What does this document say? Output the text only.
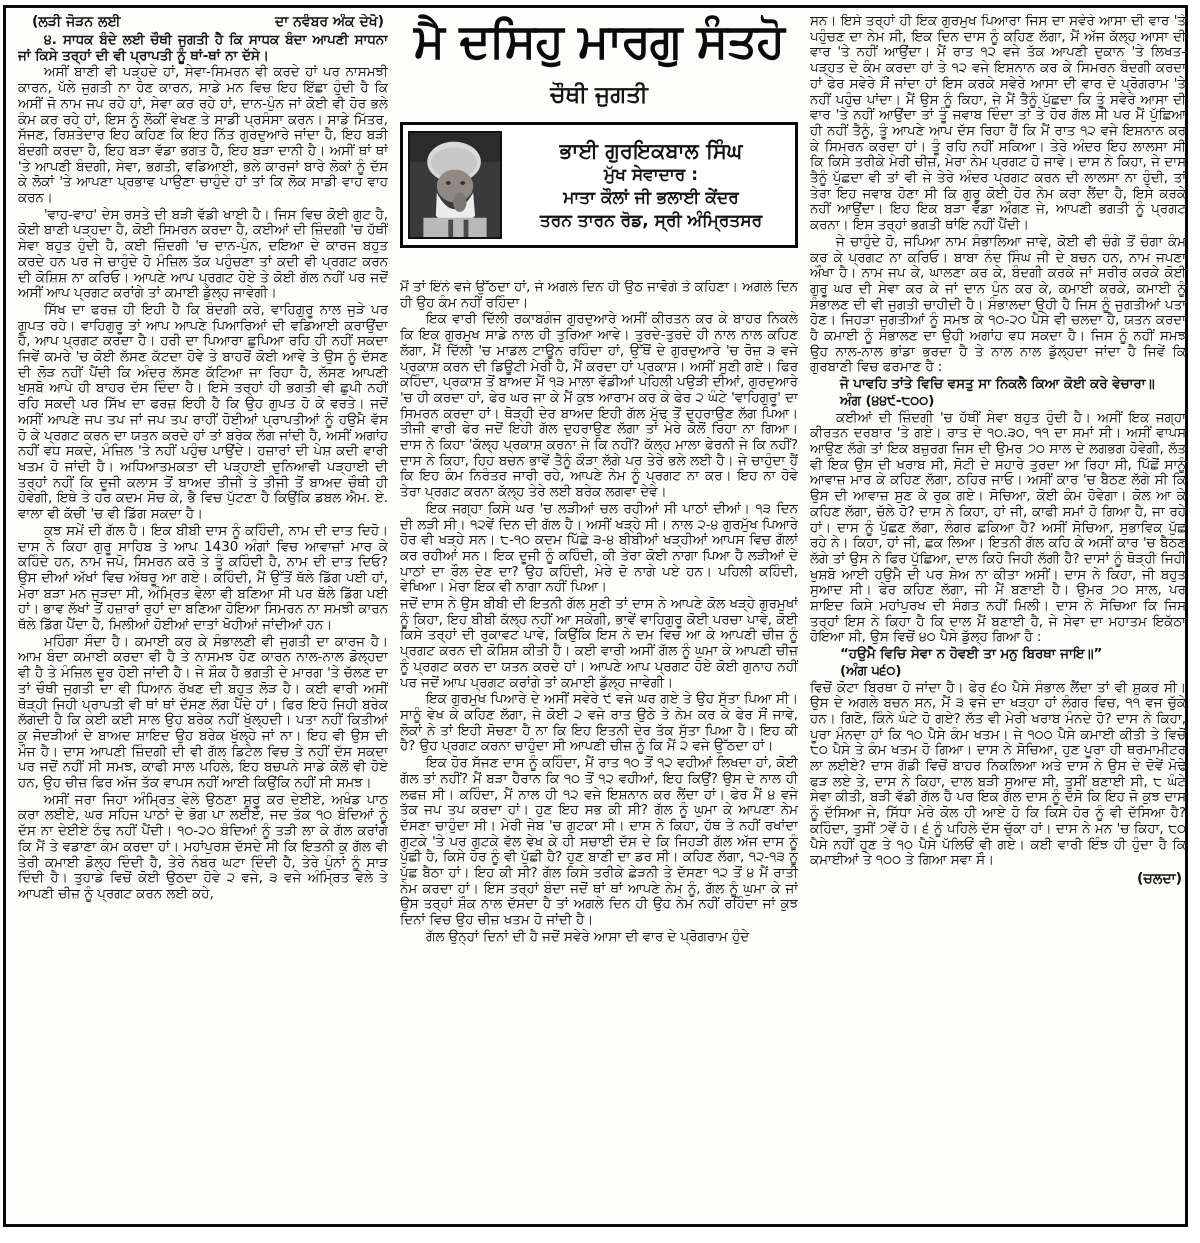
(ਲੜੀ ਜੋੜਨ ਲਈ	ਦਾ ਨਵੰਬਰ ਅੰਕ ਦੇਖੋ)

੪. ਸਾਧਕ ਬੰਦੇ ਲਈ ਚੌਥੀ ਜੁਗਤੀ ਹੈ ਕਿ ਸਾਧਕ ਬੰਦਾ ਆਪਣੀ ਸਾਧਨਾ ਜਾਂ ਕਿਸੇ ਤਰ੍ਹਾਂ ਦੀ ਵੀ ਪ੍ਰਾਪਤੀ ਨੂੰ ਥਾਂ-ਥਾਂ ਨਾ ਦੱਸੇ।

ਅਸੀਂ ਬਾਣੀ ਵੀ ਪੜ੍ਹਦੇ ਹਾਂ, ਸੇਵਾ-ਸਿਮਰਨ ਵੀ ਕਰਦੇ ਹਾਂ ਪਰ ਨਾਸਮਝੀ ਕਾਰਨ, ਪੱਲੇ ਜੁਗਤੀ ਨਾ ਹੋਣ ਕਾਰਨ, ਸਾਡੇ ਮਨ ਵਿਚ ਇਹ ਇੱਛਾ ਹੁੰਦੀ ਹੈ ਕਿ ਅਸੀਂ ਜੋ ਨਾਮ ਜਪ ਰਹੇ ਹਾਂ, ਸੇਵਾ ਕਰ ਰਹੇ ਹਾਂ, ਦਾਨ-ਪੁੰਨ ਜਾਂ ਕੋਈ ਵੀ ਹੋਰ ਭਲੇ ਕੰਮ ਕਰ ਰਹੇ ਹਾਂ, ਇਸ ਨੂੰ ਲੋਕੀਂ ਵੇਖਣ ਤੇ ਸਾਡੀ ਪ੍ਰਸੰਸਾ ਕਰਨ। ਸਾਡੇ ਮਿੱਤਰ, ਸੱਜਣ, ਰਿਸ਼ਤੇਦਾਰ ਇਹ ਕਹਿਣ ਕਿ ਇਹ ਨਿੱਤ ਗੁਰਦੁਆਰੇ ਜਾਂਦਾ ਹੈ, ਇਹ ਬੜੀ ਬੰਦਗੀ ਕਰਦਾ ਹੈ, ਇਹ ਬੜਾ ਵੱਡਾ ਭਗਤ ਹੈ, ਇਹ ਬੜਾ ਦਾਨੀ ਹੈ। ਅਸੀਂ ਥਾਂ ਥਾਂ 'ਤੇ ਆਪਣੀ ਬੰਦਗੀ, ਸੇਵਾ, ਭਗਤੀ, ਵਡਿਆਈ, ਭਲੇ ਕਾਰਜਾਂ ਬਾਰੇ ਲੋਕਾਂ ਨੂੰ ਦੱਸ ਕੇ ਲੋਕਾਂ 'ਤੇ ਆਪਣਾ ਪ੍ਰਭਾਵ ਪਾਉਣਾ ਚਾਹੁੰਦੇ ਹਾਂ ਤਾਂ ਕਿ ਲੋਕ ਸਾਡੀ ਵਾਹ ਵਾਹ ਕਰਨ।

'ਵਾਹ-ਵਾਹ' ਦੇਸ ਰਸਤੇ ਦੀ ਬੜੀ ਵੱਡੀ ਖਾਈ ਹੈ। ਜਿਸ ਵਿਚ ਕੋਈ ਗੁਟ ਹੈ, ਕੋਈ ਬਾਣੀ ਪੜ੍ਹਦਾ ਹੈ, ਕੋਈ ਸਿਮਰਨ ਕਰਦਾ ਹੈ, ਕਈਆਂ ਦੀ ਜ਼ਿੰਦਗੀ 'ਚ ਹੱਥੀਂ ਸੇਵਾ ਬਹੁਤ ਹੁੰਦੀ ਹੈ, ਕਈ ਜ਼ਿੰਦਗੀ 'ਚ ਦਾਨ-ਪੁੰਨ, ਦਇਆ ਦੇ ਕਾਰਜ ਬਹੁਤ ਕਰਦੇ ਹਨ ਪਰ ਜੇ ਚਾਹੁੰਦੇ ਹੋ ਮੰਜ਼ਿਲ ਤੱਕ ਪਹੁੰਚਣਾ ਤਾਂ ਕਦੀ ਵੀ ਪ੍ਰਗਟ ਕਰਨ ਦੀ ਕੋਸ਼ਿਸ਼ ਨਾ ਕਰਿਓ। ਆਪਣੇ ਆਪ ਪ੍ਰਗਟ ਹੋਏ ਤੇ ਕੋਈ ਗੱਲ ਨਹੀਂ ਪਰ ਜਦੋਂ ਅਸੀਂ ਆਪ ਪ੍ਰਗਟ ਕਰਾਂਗੇ ਤਾਂ ਕਮਾਈ ਡੁੱਲ੍ਹ ਜਾਵੇਗੀ।

ਸਿੱਖ ਦਾ ਫਰਜ਼ ਹੀ ਇਹੀ ਹੈ ਕਿ ਬੰਦਗੀ ਕਰੇ, ਵਾਹਿਗੁਰੂ ਨਾਲ ਜੁੜੇ ਪਰ ਗੁਪਤ ਰਹੇ। ਵਾਹਿਗੁਰੂ ਤਾਂ ਆਪ ਆਪਣੇ ਪਿਆਰਿਆਂ ਦੀ ਵਡਿਆਈ ਕਰਾਉਂਦਾ ਹੈ, ਆਪ ਪ੍ਰਗਟ ਕਰਦਾ ਹੈ। ਹਰੀ ਦਾ ਪਿਆਰਾ ਛੁਪਿਆ ਰਹਿ ਹੀ ਨਹੀਂ ਸਕਦਾ ਜਿਵੇਂ ਕਮਰੇ 'ਚ ਕੋਈ ਲੱਸਣ ਕੱਟਦਾ ਹੋਵੇ ਤੇ ਬਾਹਰੋਂ ਕੋਈ ਆਵੇ ਤੇ ਉਸ ਨੂੰ ਦੱਸਣ ਦੀ ਲੋੜ ਨਹੀਂ ਪੈਂਦੀ ਕਿ ਅੰਦਰ ਲੱਸਣ ਕੱਟਿਆ ਜਾ ਰਿਹਾ ਹੈ, ਲੱਸਣ ਆਪਣੀ ਖੁਸ਼ਬੋ ਆਪੇ ਹੀ ਬਾਹਰ ਦੱਸ ਦਿੰਦਾ ਹੈ। ਇਸੇ ਤਰ੍ਹਾਂ ਹੀ ਭਗਤੀ ਵੀ ਛੁਪੀ ਨਹੀਂ ਰਹਿ ਸਕਦੀ ਪਰ ਸਿੱਖ ਦਾ ਫਰਜ਼ ਇਹੀ ਹੈ ਕਿ ਉਹ ਗੁਪਤ ਹੋ ਕੇ ਵਰਤੇ। ਜਦੋਂ ਅਸੀਂ ਆਪਣੇ ਜਪ ਤਪ ਜਾਂ ਜਪ ਤਪ ਰਾਹੀਂ ਹੋਈਆਂ ਪ੍ਰਾਪਤੀਆਂ ਨੂੰ ਹਉਮੈ ਵੱਸ ਹੋ ਕੇ ਪ੍ਰਗਟ ਕਰਨ ਦਾ ਯਤਨ ਕਰਦੇ ਹਾਂ ਤਾਂ ਬਰੇਕ ਲੱਗ ਜਾਂਦੀ ਹੈ, ਅਸੀਂ ਅਗਾਂਹ ਨਹੀਂ ਵਧ ਸਕਦੇ, ਮੰਜ਼ਿਲ 'ਤੇ ਨਹੀਂ ਪਹੁੰਚ ਪਾਉਂਦੇ। ਹਜ਼ਾਰਾਂ ਦੀ ਪੇਸ਼ ਕਦੀ ਵਾਰੀ ਖਤਮ ਹੋ ਜਾਂਦੀ ਹੈ। ਅਧਿਆਤਮਕਤਾ ਦੀ ਪੜ੍ਹਾਈ ਦੁਨਿਆਵੀ ਪੜ੍ਹਾਈ ਦੀ ਤਰ੍ਹਾਂ ਨਹੀਂ ਕਿ ਦੂਜੀ ਕਲਾਸ ਤੋਂ ਬਾਅਦ ਤੀਜੀ ਤੇ ਤੀਜੀ ਤੋਂ ਬਾਅਦ ਚੌਥੀ ਹੀ ਹੋਵੇਗੀ, ਇਥੇ ਤੇ ਹਰ ਕਦਮ ਸੋਚ ਕੇ, ਭੈ ਵਿਚ ਪੁੱਟਣਾ ਹੈ ਕਿਉਂਕਿ ਡਬਲ ਐਮ. ਏ. ਵਾਲਾ ਵੀ ਕੱਚੀ 'ਚ ਵੀ ਡਿੱਗ ਸਕਦਾ ਹੈ।

ਕੁਝ ਸਮੇਂ ਦੀ ਗੱਲ ਹੈ। ਇਕ ਬੀਬੀ ਦਾਸ ਨੂੰ ਕਹਿੰਦੀ, ਨਾਮ ਦੀ ਦਾਤ ਦਿਹੋ। ਦਾਸ ਨੇ ਕਿਹਾ ਗੁਰੂ ਸਾਹਿਬ ਤੇ ਆਪ 1430 ਅੰਗਾਂ ਵਿਚ ਆਵਾਜ਼ਾਂ ਮਾਰ ਕੇ ਕਹਿੰਦੇ ਹਨ, ਨਾਮ ਜਪੋ, ਸਿਮਰਨ ਕਰੋ ਤੇ ਤੂੰ ਕਹਿੰਦੀ ਹੈ, ਨਾਮ ਦੀ ਦਾਤ ਦਿਓ? ਉਸ ਦੀਆਂ ਅੱਖਾਂ ਵਿਚ ਅੱਥਰੂ ਆ ਗਏ। ਕਹਿੰਦੀ, ਮੈਂ ਉੱਤੋਂ ਥੱਲੇ ਡਿੱਗ ਪਈ ਹਾਂ, ਮੇਰਾ ਬੜਾ ਮਨ ਜੁੜਦਾ ਸੀ, ਅੰਮ੍ਰਿਤ ਵੇਲਾ ਵੀ ਬਣਿਆ ਸੀ ਪਰ ਥੱਲੇ ਡਿੱਗ ਪਈ ਹਾਂ। ਭਾਵ ਲੱਖਾਂ ਤੋਂ ਹਜ਼ਾਰਾਂ ਰੁਹਾਂ ਦਾ ਬਣਿਆ ਹੋਇਆ ਸਿਮਰਨ ਨਾ ਸਮਝੀ ਕਾਰਨ ਥੱਲੇ ਡਿੱਗ ਪੈਂਦਾ ਹੈ, ਮਿਲੀਆਂ ਹੋਈਆਂ ਦਾਤਾਂ ਖੋਹੀਆਂ ਜਾਂਦੀਆਂ ਹਨ।

ਮਹਿੰਗਾ ਸੌਦਾ ਹੈ। ਕਮਾਈ ਕਰ ਕੇ ਸੰਭਾਲਣੀ ਵੀ ਜੁਗਤੀ ਦਾ ਕਾਰਜ ਹੈ। ਆਮ ਬੰਦਾ ਕਮਾਈ ਕਰਦਾ ਵੀ ਹੈ ਤੇ ਨਾਸਮਝ ਹੋਣ ਕਾਰਨ ਨਾਲ-ਨਾਲ ਡੋਲ੍ਹਦਾ ਵੀ ਹੈ ਤੇ ਮੰਜ਼ਿਲ ਦੂਰ ਹੋਈ ਜਾਂਦੀ ਹੈ। ਜੇ ਸ਼ੌਕ ਹੈ ਭਗਤੀ ਦੇ ਮਾਰਗ 'ਤੇ ਚੱਲਣ ਦਾ ਤਾਂ ਚੌਥੀ ਜੁਗਤੀ ਦਾ ਵੀ ਧਿਆਨ ਰੱਖਣ ਦੀ ਬਹੁਤ ਲੋੜ ਹੈ। ਕਈ ਵਾਰੀ ਅਸੀਂ ਥੋੜ੍ਹੀ ਜਿਹੀ ਪ੍ਰਾਪਤੀ ਵੀ ਥਾਂ ਥਾਂ ਦੱਸਣ ਲੱਗ ਪੈਂਦੇ ਹਾਂ। ਫਿਰ ਇਹੋ ਜਿਹੀ ਬਰੇਕ ਲੱਗਦੀ ਹੈ ਕਿ ਕਈ ਕਈ ਸਾਲ ਉਹ ਬਰੇਕ ਨਹੀਂ ਖੁੱਲ੍ਹਦੀ। ਪਤਾ ਨਹੀਂ ਕਿਤੀਆਂ ਕੁ ਜੋਦੜੀਆਂ ਦੇ ਬਾਅਦ ਸ਼ਾਇਦ ਉਹ ਬਰੇਕ ਖੁੱਲ੍ਹੇ ਜਾਂ ਨਾ। ਇਹ ਵੀ ਉਸ ਦੀ ਮੌਜ ਹੈ। ਦਾਸ ਆਪਣੀ ਜ਼ਿੰਦਗੀ ਦੀ ਵੀ ਗੱਲ ਡਿਟੇਲ ਵਿਚ ਤੇ ਨਹੀਂ ਦੱਸ ਸਕਦਾ ਪਰ ਜਦੋਂ ਨਹੀਂ ਸੀ ਸਮਝ, ਕਾਫੀ ਸਾਲ ਪਹਿਲੇ, ਇਹ ਬਚਪਨੇ ਸਾਡੇ ਕੋਲੋਂ ਵੀ ਹੋਏ ਹਨ, ਉਹ ਚੀਜ਼ ਫਿਰ ਅੱਜ ਤੱਕ ਵਾਪਸ ਨਹੀਂ ਆਈ ਕਿਉਂਕਿ ਨਹੀਂ ਸੀ ਸਮਝ।

ਅਸੀਂ ਜਰਾ ਜਿਹਾ ਅੰਮ੍ਰਿਤ ਵੇਲੇ ਉਠਣਾ ਸ਼ੁਰੂ ਕਰ ਦੇਈਏ, ਅਖੰਡ ਪਾਠ ਕਰਾ ਲਈਏ, ਘਰ ਸਹਿਜ ਪਾਠਾਂ ਦੇ ਭੋਗ ਪਾ ਲਈਏ, ਜਦ ਤੱਕ ੧੦ ਬੰਦਿਆਂ ਨੂੰ ਦੱਸ ਨਾ ਦੇਈਏ ਠੰਢ ਨਹੀਂ ਪੈਂਦੀ। ੧੦-੨੦ ਬੰਦਿਆਂ ਨੂੰ ਤੜੀ ਲਾ ਕੇ ਗੱਲ ਕਰਾਂਗੇ ਕਿ ਮੈਂ ਤੇ ਵਡਾਣਾ ਕੰਮ ਕਰਦਾ ਹਾਂ। ਮਹਾਂਪੁਰਸ਼ ਦੱਸਦੇ ਸੀ ਕਿ ਇਤਨੀ ਕੁ ਗੱਲ ਵੀ ਤੇਰੀ ਕਮਾਈ ਡੋਲ੍ਹ ਦਿੰਦੀ ਹੈ, ਤੇਰੇ ਨੰਬਰ ਘਟਾ ਦਿੰਦੀ ਹੈ, ਤੇਰੇ ਪੁੰਨਾਂ ਨੂੰ ਸਾੜ ਦਿੰਦੀ ਹੈ। ਤੁਹਾਡੇ ਵਿਚੋਂ ਕੋਈ ਉਠਦਾ ਹੋਵੇ ੨ ਵਜੇ, ੩ ਵਜੇ ਅੰਮ੍ਰਿਤ ਵੇਲੇ ਤੇ ਆਪਣੀ ਚੀਜ਼ ਨੂੰ ਪ੍ਰਗਟ ਕਰਨ ਲਈ ਕਹੇ,

ਮੈ ਦਸਿਹੁ ਮਾਰਗੁ ਸੰਤਹੋ
ਚੌਥੀ ਜੁਗਤੀ
ਭਾਈ ਗੁਰਇਕਬਾਲ ਸਿੰਘ
ਮੁੱਖ ਸੇਵਾਦਾਰ :
ਮਾਤਾ ਕੌਲਾਂ ਜੀ ਭਲਾਈ ਕੇਂਦਰ
ਤਰਨ ਤਾਰਨ ਰੋਡ, ਸ੍ਰੀ ਅੰਮ੍ਰਿਤਸਰ

ਮੈਂ ਤਾਂ ਇੰਨੇ ਵਜੇ ਉੱਠਦਾ ਹਾਂ, ਜੇ ਅਗਲੇ ਦਿਨ ਹੀ ਉਠ ਜਾਵੋਗੇ ਤੇ ਕਹਿਣਾ। ਅਗਲੇ ਦਿਨ ਹੀ ਉਹ ਕੰਮ ਨਹੀਂ ਰਹਿੰਦਾ।

ਇਕ ਵਾਰੀ ਦਿੱਲੀ ਰਕਾਬਗੰਜ ਗੁਰਦੁਆਰੇ ਅਸੀਂ ਕੀਰਤਨ ਕਰ ਕੇ ਬਾਹਰ ਨਿਕਲੇ ਕਿ ਇਕ ਗੁਰਮੁਖ ਸਾਡੇ ਨਾਲ ਹੀ ਤੁਰਿਆ ਆਵੇ। ਤੁਰਦੇ-ਤੁਰਦੇ ਹੀ ਨਾਲ ਨਾਲ ਕਹਿਣ ਲੱਗਾ, ਮੈਂ ਦਿੱਲੀ 'ਚ ਮਾਡਲ ਟਾਊਨ ਰਹਿੰਦਾ ਹਾਂ, ਉੱਥੋਂ ਦੇ ਗੁਰਦੁਆਰੇ 'ਚ ਰੋਜ਼ ੩ ਵਜੇ ਪ੍ਰਕਾਸ਼ ਕਰਨ ਦੀ ਡਿਊਟੀ ਮੇਰੀ ਹੈ, ਮੈਂ ਕਰਦਾ ਹਾਂ ਪ੍ਰਕਾਸ਼। ਅਸੀਂ ਸੁਣੀ ਗਏ। ਫਿਰ ਕਹਿੰਦਾ, ਪ੍ਰਕਾਸ਼ ਤੋਂ ਬਾਅਦ ਮੈਂ ੧੩ ਮਾਲਾ ਵੱਡੀਆਂ ਪਹਿਲੀ ਪਉੜੀ ਦੀਆਂ, ਗੁਰਦੁਆਰੇ 'ਚ ਹੀ ਕਰਦਾ ਹਾਂ, ਫੇਰ ਘਰ ਜਾ ਕੇ ਮੈਂ ਕੁਝ ਆਰਾਮ ਕਰ ਕੇ ਫੇਰ ੨ ਘੰਟੇ 'ਵਾਹਿਗੁਰੂ' ਦਾ ਸਿਮਰਨ ਕਰਦਾ ਹਾਂ। ਥੋੜ੍ਹੀ ਦੇਰ ਬਾਅਦ ਇਹੀ ਗੱਲ ਮੁੱਢ ਤੋਂ ਦੁਹਰਾਉਣ ਲੱਗ ਪਿਆ। ਤੀਜੀ ਵਾਰੀ ਫੇਰ ਜਦੋਂ ਇਹੀ ਗੱਲ ਦੁਹਰਾਉਣ ਲੱਗਾ ਤਾਂ ਮੇਰੇ ਕੋਲੋਂ ਰਿਹਾ ਨਾ ਗਿਆ। ਦਾਸ ਨੇ ਕਿਹਾ 'ਕੱਲ੍ਹ ਪ੍ਰਕਾਸ਼ ਕਰਨਾ ਜੇ ਕਿ ਨਹੀਂ? ਕੱਲ੍ਹ ਮਾਲਾ ਫੇਰਨੀ ਜੇ ਕਿ ਨਹੀਂ? ਦਾਸ ਨੇ ਕਿਹਾ, ਹਿਹ ਬਚਨ ਭਾਵੇਂ ਤੈਨੂੰ ਕੌੜਾ ਲੱਗੇ ਪਰ ਤੇਰੇ ਭਲੇ ਲਈ ਹੈ। ਜੇ ਚਾਹੁੰਦਾ ਹੈਂ ਕਿ ਇਹ ਕੰਮ ਨਿਰੰਤਰ ਜਾਰੀ ਰਹੇ, ਆਪਣੇ ਨੇਮ ਨੂੰ ਪ੍ਰਗਟ ਨਾ ਕਰ। ਇਹ ਨਾ ਹੋਵੇ ਤੇਰਾ ਪ੍ਰਗਟ ਕਰਨਾ ਕੱਲ੍ਹ ਤੇਰੇ ਲਈ ਬਰੇਕ ਲਗਵਾ ਦੇਵੇ।

ਇਕ ਜਗ੍ਹਾ ਕਿਸੇ ਘਰ 'ਚ ਲੜੀਆਂ ਚਲ ਰਹੀਆਂ ਸੀ ਪਾਠਾਂ ਦੀਆਂ। ੧੩ ਦਿਨ ਦੀ ਲੜੀ ਸੀ। ੧੨ਵੇਂ ਦਿਨ ਦੀ ਗੱਲ ਹੈ। ਅਸੀਂ ਖੜ੍ਹੇ ਸੀ। ਨਾਲ ੨-੪ ਗੁਰਮੁੱਖ ਪਿਆਰੇ ਹੋਰ ਵੀ ਖੜ੍ਹੇ ਸਨ। ੮-੧੦ ਕਦਮ ਪਿੱਛੇ ੩-੪ ਬੀਬੀਆਂ ਖੜ੍ਹੀਆਂ ਆਪਸ ਵਿਚ ਗੱਲਾਂ ਕਰ ਰਹੀਆਂ ਸਨ। ਇਕ ਦੂਜੀ ਨੂੰ ਕਹਿੰਦੀ, ਕੀ ਤੇਰਾ ਕੋਈ ਨਾਗਾ ਪਿਆ ਹੈ ਲੜੀਆਂ ਦੇ ਪਾਠਾਂ ਦਾ ਰੌਲ ਦੇਣ ਦਾ? ਉਹ ਕਹਿੰਦੀ, ਮੇਰੇ ਦੋ ਨਾਗੇ ਪਏ ਹਨ। ਪਹਿਲੀ ਕਹਿੰਦੀ, ਵੇਖਿਆ। ਮੇਰਾ ਇਕ ਵੀ ਨਾਗਾ ਨਹੀਂ ਪਿਆ।

ਜਦੋਂ ਦਾਸ ਨੇ ਉਸ ਬੀਬੀ ਦੀ ਇਤਨੀ ਗੱਲ ਸੁਣੀ ਤਾਂ ਦਾਸ ਨੇ ਆਪਣੇ ਕੋਲ ਖੜ੍ਹੇ ਗੁਰਮੁਖਾਂ ਨੂੰ ਕਿਹਾ, ਇਹ ਬੀਬੀ ਕੱਲ੍ਹ ਨਹੀਂ ਆ ਸਕੇਗੀ, ਭਾਵੇਂ ਵਾਹਿਗੁਰੂ ਕੋਈ ਪਰਚਾ ਪਾਵੇ, ਕੋਈ ਕਿਸੇ ਤਰ੍ਹਾਂ ਦੀ ਰੁਕਾਵਟ ਪਾਵੇ, ਕਿਉਂਕਿ ਇਸ ਨੇ ਦਮ ਵਿਚ ਆ ਕੇ ਆਪਣੀ ਚੀਜ਼ ਨੂੰ ਪ੍ਰਗਟ ਕਰਨ ਦੀ ਕੋਸ਼ਿਸ਼ ਕੀਤੀ ਹੈ। ਕਈ ਵਾਰੀ ਅਸੀਂ ਗੱਲ ਨੂੰ ਘੁਮਾ ਕੇ ਆਪਣੀ ਚੀਜ਼ ਨੂੰ ਪ੍ਰਗਟ ਕਰਨ ਦਾ ਯਤਨ ਕਰਦੇ ਹਾਂ। ਆਪਣੇ ਆਪ ਪ੍ਰਗਟ ਹੋਏ ਕੋਈ ਗੁਨਾਹ ਨਹੀਂ ਪਰ ਜਦੋਂ ਆਪ ਪ੍ਰਗਟ ਕਰਾਂਗੇ ਤਾਂ ਕਮਾਈ ਡੁੱਲ੍ਹ ਜਾਵੇਗੀ।

ਇਕ ਗੁਰਮੁਖ ਪਿਆਰੇ ਦੇ ਅਸੀਂ ਸਵੇਰੇ ੯ ਵਜੇ ਘਰ ਗਏ ਤੇ ਉਹ ਸੁੱਤਾ ਪਿਆ ਸੀ। ਸਾਨੂੰ ਵੇਖ ਕੇ ਕਹਿਣ ਲੱਗਾ, ਜੇ ਕੋਈ ੨ ਵਜੇ ਰਾਤ ਉਠੇ ਤੇ ਨੇਮ ਕਰ ਕੇ ਫੇਰ ਸੌਂ ਜਾਵੇ, ਲੋਕਾਂ ਨੇ ਤਾਂ ਇਹੀ ਸੋਚਣਾ ਹੈ ਨਾ ਕਿ ਇਹ ਇਤਨੀ ਦੇਰ ਤੱਕ ਸੁੱਤਾ ਪਿਆ ਹੈ। ਇਹ ਕੀ ਹੈ? ਉਹ ਪ੍ਰਗਟ ਕਰਨਾ ਚਾਹੁੰਦਾ ਸੀ ਆਪਣੀ ਚੀਜ਼ ਨੂੰ ਕਿ ਮੈਂ ੨ ਵਜੇ ਉੱਠਦਾ ਹਾਂ।

ਇਕ ਹੋਰ ਸੱਜਣ ਦਾਸ ਨੂੰ ਕਹਿੰਦਾ, ਮੈਂ ਰਾਤ ੧੦ ਤੋਂ ੧੨ ਵਹੀਆਂ ਲਿਖਦਾ ਹਾਂ, ਕੋਈ ਗੱਲ ਤਾਂ ਨਹੀਂ? ਮੈਂ ਬੜਾ ਹੈਰਾਨ ਕਿ ੧੦ ਤੋਂ ੧੨ ਵਹੀਆਂ, ਇਹ ਕਿਉਂ? ਉਸ ਦੇ ਨਾਲ ਹੀ ਲਫਜ਼ ਸੀ। ਕਹਿੰਦਾ, ਮੈਂ ਨਾਲ ਹੀ ੧੨ ਵਜੇ ਇਸ਼ਨਾਨ ਕਰ ਲੈਂਦਾ ਹਾਂ। ਫੇਰ ਮੈਂ ੪ ਵਜੇ ਤੱਕ ਜਪ ਤਪ ਕਰਦਾ ਹਾਂ। ਹੁਣ ਇਹ ਸਭ ਕੀ ਸੀ? ਗੱਲ ਨੂੰ ਘੁਮਾ ਕੇ ਆਪਣਾ ਨੇਮ ਦੱਸਣਾ ਚਾਹੁੰਦਾ ਸੀ। ਮੇਰੀ ਜੇਬ 'ਚ ਗੁਟਕਾ ਸੀ। ਦਾਸ ਨੇ ਕਿਹਾ, ਹੱਥ ਤੇ ਨਹੀਂ ਰਖਾਂਦਾ ਗੁਟਕੇ 'ਤੇ ਪਰ ਗੁਟਕੇ ਵੱਲ ਵੇਖ ਕੇ ਹੀ ਸਚਾਈ ਦੱਸ ਦੇ ਕਿ ਜਿਹੜੀ ਗੱਲ ਅੱਜ ਦਾਸ ਨੂੰ ਪੁੱਛੀ ਹੈ, ਕਿਸੇ ਹੋਰ ਨੂੰ ਵੀ ਪੁੱਛੀ ਹੈ? ਹੁਣ ਬਾਣੀ ਦਾ ਡਰ ਸੀ। ਕਹਿਣ ਲੱਗਾ, ੧੨-੧੩ ਨੂੰ ਪੁੱਛ ਬੈਠਾ ਹਾਂ। ਇਹ ਕੀ ਸੀ? ਗੱਲ ਕਿਸੇ ਤਰੀਕੇ ਛੇੜਨੀ ਤੇ ਦੱਸਣਾ ੧੨ ਤੋਂ ੪ ਮੈਂ ਰਾਤੀ ਨੇਮ ਕਰਦਾ ਹਾਂ। ਇਸ ਤਰ੍ਹਾਂ ਬੰਦਾ ਜਦੋਂ ਥਾਂ ਥਾਂ ਆਪਣੇ ਨੇਮ ਨੂੰ, ਗੱਲ ਨੂੰ ਘੁਮਾ ਕੇ ਜਾਂ ਉਸ ਤਰ੍ਹਾਂ ਸ਼ੌਕ ਨਾਲ ਦੱਸਦਾ ਹੈ ਤਾਂ ਅਗਲੇ ਦਿਨ ਹੀ ਉਹ ਨੇਮ ਨਹੀਂ ਰਹਿੰਦਾ ਜਾਂ ਕੁਝ ਦਿਨਾਂ ਵਿਚ ਉਹ ਚੀਜ਼ ਖਤਮ ਹੋ ਜਾਂਦੀ ਹੈ।

ਗੱਲ ਉਨ੍ਹਾਂ ਦਿਨਾਂ ਦੀ ਹੈ ਜਦੋਂ ਸਵੇਰੇ ਆਸਾ ਦੀ ਵਾਰ ਦੇ ਪ੍ਰੋਗਰਾਮ ਹੁੰਦੇ

ਸਨ। ਇਸੇ ਤਰ੍ਹਾਂ ਹੀ ਇਕ ਗੁਰਮੁਖ ਪਿਆਰਾ ਜਿਸ ਦਾ ਸਵੇਰੇ ਆਸਾ ਦੀ ਵਾਰ 'ਤੇ ਪਹੁੰਚਣ ਦਾ ਨੇਮ ਸੀ, ਇਕ ਦਿਨ ਦਾਸ ਨੂੰ ਕਹਿਣ ਲੱਗਾ, ਮੈਂ ਅੱਜ ਕੱਲ੍ਹ ਆਸਾ ਦੀ ਵਾਰ 'ਤੇ ਨਹੀਂ ਆਉਂਦਾ। ਮੈਂ ਰਾਤ ੧੨ ਵਜੇ ਤੱਕ ਆਪਣੀ ਦੁਕਾਨ 'ਤੇ ਲਿਖਤ-ਪੜ੍ਹਤ ਦੇ ਕੰਮ ਕਰਦਾ ਹਾਂ ਤੇ ੧੨ ਵਜੇ ਇਸ਼ਨਾਨ ਕਰ ਕੇ ਸਿਮਰਨ ਬੰਦਗੀ ਕਰਦਾ ਹਾਂ ਫੇਰ ਸਵੇਰੇ ਸੌਂ ਜਾਂਦਾ ਹਾਂ ਇਸ ਕਰਕੇ ਸਵੇਰੇ ਆਸਾ ਦੀ ਵਾਰ ਦੇ ਪ੍ਰੋਗਰਾਮ 'ਤੇ ਨਹੀਂ ਪਹੁੰਚ ਪਾਂਦਾ। ਮੈਂ ਉਸ ਨੂੰ ਕਿਹਾ, ਜੇ ਮੈਂ ਤੈਨੂੰ ਪੁੱਛਦਾ ਕਿ ਤੂੰ ਸਵੇਰੇ ਆਸਾ ਦੀ ਵਾਰ 'ਤੇ ਨਹੀਂ ਆਉਂਦਾ ਤਾਂ ਤੂੰ ਜਵਾਬ ਦਿੰਦਾ ਤਾਂ ਤੇ ਹੋਰ ਗੱਲ ਸੀ ਪਰ ਮੈਂ ਪੁੱਛਿਆ ਹੀ ਨਹੀਂ ਤੈਨੂੰ, ਤੂੰ ਆਪਣੇ ਆਪ ਦੱਸ ਰਿਹਾ ਹੈਂ ਕਿ ਮੈਂ ਰਾਤ ੧੨ ਵਜੇ ਇਸ਼ਨਾਨ ਕਰ ਕੇ ਸਿਮਰਨ ਕਰਦਾ ਹਾਂ। ਤੂੰ ਰਹਿ ਨਹੀਂ ਸਕਿਆ। ਤੇਰੇ ਅੰਦਰ ਇਹ ਲਾਲਸਾ ਸੀ ਕਿ ਕਿਸੇ ਤਰੀਕੇ ਮੇਰੀ ਚੀਜ਼, ਮੇਰਾ ਨੇਮ ਪ੍ਰਗਟ ਹੋ ਜਾਵੇ। ਦਾਸ ਨੇ ਕਿਹਾ, ਜੇ ਦਾਸ ਤੈਨੂੰ ਪੁੱਛਦਾ ਵੀ ਤਾਂ ਵੀ ਜੇ ਤੇਰੇ ਅੰਦਰ ਪ੍ਰਗਟ ਕਰਨ ਦੀ ਲਾਲਸਾ ਨਾ ਹੁੰਦੀ, ਤਾਂ ਤੇਰਾ ਇਹ ਜਵਾਬ ਹੋਣਾ ਸੀ ਕਿ ਗੁਰੂ ਕੋਈ ਹੋਰ ਨੇਮ ਕਰਾ ਲੈਂਦਾ ਹੈ, ਇਸੇ ਕਰਕੇ ਨਹੀਂ ਆਉਂਦਾ। ਇਹ ਇਕ ਬੜਾ ਵੱਡਾ ਔਗਣ ਜੇ, ਆਪਣੀ ਭਗਤੀ ਨੂੰ ਪ੍ਰਗਟ ਕਰਨਾ। ਇਸ ਤਰ੍ਹਾਂ ਭਗਤੀ ਥਾਂਇ ਨਹੀਂ ਪੈਂਦੀ।

ਜੇ ਚਾਹੁੰਦੇ ਹੋ, ਜਪਿਆ ਨਾਮ ਸੰਭਾਲਿਆ ਜਾਵੇ, ਕੋਈ ਵੀ ਚੰਗੇ ਤੋਂ ਚੰਗਾ ਕੰਮ ਕਰ ਕੇ ਪ੍ਰਗਟ ਨਾ ਕਰਿਓ। ਬਾਬਾ ਨੰਦ ਸਿੰਘ ਜੀ ਦੇ ਬਚਨ ਹਨ, ਨਾਮ ਜਪਣਾ ਔਖਾ ਹੈ। ਨਾਮ ਜਪ ਕੇ, ਘਾਲਣਾ ਕਰ ਕੇ, ਬੰਦਗੀ ਕਰਕੇ ਜਾਂ ਸਰੀਰ ਕਰਕੇ ਕੋਈ ਗੁਰੂ ਘਰ ਦੀ ਸੇਵਾ ਕਰ ਕੇ ਜਾਂ ਦਾਨ ਪੁੰਨ ਕਰ ਕੇ, ਕਮਾਈ ਕਰਕੇ, ਕਮਾਈ ਨੂੰ ਸੰਭਾਲਣ ਦੀ ਵੀ ਜੁਗਤੀ ਚਾਹੀਦੀ ਹੈ। ਸੰਭਾਲਦਾ ਉਹੀ ਹੈ ਜਿਸ ਨੂੰ ਜੁਗਤੀਆਂ ਪਤਾ ਹੋਣ। ਜਿਹੜਾ ਜੁਗਤੀਆਂ ਨੂੰ ਸਮਝ ਕੇ ੧੦-੨੦ ਪੈਸੇ ਵੀ ਚਲਦਾ ਹੈ, ਯਤਨ ਕਰਦਾ ਹੈ ਕਮਾਈ ਨੂੰ ਸੰਭਾਲਣ ਦਾ ਉਹੀ ਅਗਾਂਹ ਵਧ ਸਕਦਾ ਹੈ। ਜਿਸ ਨੂੰ ਨਹੀਂ ਸਮਝ ਉਹ ਨਾਲ-ਨਾਲ ਭਾਂਡਾ ਭਰਦਾ ਹੈ ਤੇ ਨਾਲ ਨਾਲ ਡੁੱਲ੍ਹਦਾ ਜਾਂਦਾ ਹੈ ਜਿਵੇਂ ਕਿ ਗੁਰਬਾਣੀ ਵਿਚ ਫਰਮਾਣ ਹੈ :

ਜੋ ਪਾਵਹਿ ਤਾਂਤੇ ਵਿਚਿ ਵਸਤੁ ਸਾ ਨਿਕਲੈ ਕਿਆ ਕੋਈ ਕਰੇ ਵੇਚਾਰਾ॥

ਅੰਗ (੪੪੯-੮੦੦)

ਕਈਆਂ ਦੀ ਜ਼ਿੰਦਗੀ 'ਚ ਹੱਥੀਂ ਸੇਵਾ ਬਹੁਤ ਹੁੰਦੀ ਹੈ। ਅਸੀਂ ਇਕ ਜਗ੍ਹਾ ਕੀਰਤਨ ਦਰਬਾਰ 'ਤੇ ਗਏ। ਰਾਤ ਦੇ ੧੦.੩੦, ੧੧ ਦਾ ਸਮਾਂ ਸੀ। ਅਸੀਂ ਵਾਪਸ ਆਉਣ ਲੱਗੇ ਤਾਂ ਇਕ ਬਜ਼ੁਰਗ ਜਿਸ ਦੀ ਉਮਰ ੭੦ ਸਾਲ ਦੇ ਲਗਭਗ ਹੋਵੇਗੀ, ਲੱਤ ਵੀ ਇਕ ਉਸ ਦੀ ਖਰਾਬ ਸੀ, ਸੋਟੀ ਦੇ ਸਹਾਰੇ ਤੁਰਦਾ ਆ ਰਿਹਾ ਸੀ, ਪਿੱਛੋਂ ਸਾਨੂੰ ਆਵਾਜ਼ ਮਾਰ ਕੇ ਕਹਿਣ ਲੱਗਾ, ਠਹਿਰ ਜਾਓ। ਅਸੀਂ ਕਾਰ 'ਚ ਬੈਠਣ ਲੱਗੇ ਸੀ ਕਿ ਉਸ ਦੀ ਆਵਾਜ਼ ਸੁਣ ਕੇ ਰੁਕ ਗਏ। ਸੋਚਿਆ, ਕੋਈ ਕੰਮ ਹੋਵੇਗਾ। ਕੋਲ ਆ ਕੇ ਕਹਿਣ ਲੱਗਾ, ਚੱਲੇ ਹੋ? ਦਾਸ ਨੇ ਕਿਹਾ, ਹਾਂ ਜੀ, ਕਾਫੀ ਸਮਾਂ ਹੋ ਗਿਆ ਹੈ, ਜਾ ਰਹੇ ਹਾਂ। ਦਾਸ ਨੂੰ ਪੁੱਛਣ ਲੱਗਾ, ਲੰਗਰ ਛਕਿਆ ਹੈ? ਅਸੀਂ ਸੋਚਿਆ, ਸੁਭਾਵਿਕ ਪੁੱਛ ਰਹੇ ਨੇ। ਕਿਹਾ, ਹਾਂ ਜੀ, ਛਕ ਲਿਆ। ਇਤਨੀ ਗੱਲ ਕਹਿ ਕੇ ਅਸੀਂ ਕਾਰ 'ਚ ਬੈਠਣ ਲੱਗੇ ਤਾਂ ਉਸ ਨੇ ਫਿਰ ਪੁੱਛਿਆ, ਦਾਲ ਕਿਹੋ ਜਿਹੀ ਲੱਗੀ ਹੈ? ਦਾਸਾਂ ਨੂੰ ਥੋੜ੍ਹੀ ਜਿਹੀ ਖੁਸ਼ਬੋ ਆਈ ਹਉਮੈ ਦੀ ਪਰ ਸ਼ੇਅ ਨਾ ਕੀਤਾ ਅਸੀਂ। ਦਾਸ ਨੇ ਕਿਹਾ, ਜੀ ਬਹੁਤ ਸੁਆਦ ਸੀ। ਫੇਰ ਕਹਿਣ ਲੱਗਾ, ਜੀ ਮੈਂ ਬਣਾਈ ਹੈ। ਉਮਰ ੭੦ ਸਾਲ, ਪਰ ਸ਼ਾਇਦ ਕਿਸੇ ਮਹਾਂਪੁਰਖ ਦੀ ਸੰਗਤ ਨਹੀਂ ਮਿਲੀ। ਦਾਸ ਨੇ ਸੋਚਿਆ ਕਿ ਜਿਸ ਤਰ੍ਹਾਂ ਇਸ ਨੇ ਕਿਹਾ ਹੈ ਕਿ ਦਾਲ ਮੈਂ ਬਣਾਈ ਹੈ, ਜੇ ਸੇਵਾ ਦਾ ਮਹਾਤਮ ਇਕੱਠਾ ਹੋਇਆ ਸੀ, ਉਸ ਵਿਚੋਂ ੪੦ ਪੈਸੇ ਡੁੱਲ੍ਹ ਗਿਆ ਹੈ :

“ਹਉਮੈ ਵਿਚਿ ਸੇਵਾ ਨ ਹੋਵਈ ਤਾ ਮਨੁ ਬਿਰਥਾ ਜਾਇ॥”

(ਅੰਗ ੫੬੦)

ਵਿਚੋਂ ਕੋਟਾ ਬਿਰਥਾ ਹੋ ਜਾਂਦਾ ਹੈ। ਫੇਰ ੬੦ ਪੈਸੇ ਸੰਭਾਲ ਲੈਂਦਾ ਤਾਂ ਵੀ ਸ਼ੁਕਰ ਸੀ। ਉਸ ਦੇ ਅਗਲੇ ਬਚਨ ਸਨ, ਮੈਂ ੩ ਵਜੇ ਦਾ ਖੜ੍ਹਾ ਹਾਂ ਲੰਗਰ ਵਿਚ, ੧੧ ਵਜ ਚੁੱਕੇ ਹਨ। ਗਿਣੋ, ਕਿੰਨੇ ਘੰਟੇ ਹੋ ਗਏ? ਲੱਤ ਵੀ ਮੇਰੀ ਖਰਾਬ ਮੰਨਦੇ ਹੋ? ਦਾਸ ਨੇ ਕਿਹਾ, ਪੂਰਾ ਮੰਨਦਾ ਹਾਂ ਕਿ ੧੦ ਪੈਸੇ ਕੰਮ ਖਤਮ। ਜੇ ੧੦੦ ਪੈਸੇ ਕਮਾਈ ਕੀਤੀ ਤੇ ਵਿਚੋਂ ੮੦ ਪੈਸੇ ਤੇ ਕੰਮ ਖਤਮ ਹੋ ਗਿਆ। ਦਾਸ ਨੇ ਸੋਚਿਆ, ਹੁਣ ਪੂਰਾ ਹੀ ਥਰਮਾਮੀਟਰ ਲਾ ਲਈਏ? ਦਾਸ ਗੱਡੀ ਵਿਚੋਂ ਬਾਹਰ ਨਿਕਲਿਆ ਅਤੇ ਦਾਸ ਨੇ ਉਸ ਦੇ ਦੋਵੇਂ ਮੋਢੇ ਫੜ ਲਏ ਤੇ, ਦਾਸ ਨੇ ਕਿਹਾ, ਦਾਲ ਬੜੀ ਸੁਆਦ ਸੀ, ਤੁਸੀਂ ਬਣਾਈ ਸੀ, ੮ ਘੰਟੇ ਸੇਵਾ ਕੀਤੀ, ਬੜੀ ਵੱਡੀ ਗੱਲ ਹੈ ਪਰ ਇਕ ਗੱਲ ਦਾਸ ਨੂੰ ਦੱਸੋ ਕਿ ਇਹ ਜੋ ਕੁਝ ਦਾਸ ਨੂੰ ਦੱਸਿਆ ਜੇ, ਸਿੱਧਾ ਮੇਰੇ ਕੋਲ ਹੀ ਆਏ ਹੋ ਕਿ ਕਿਸੇ ਹੋਰ ਨੂੰ ਵੀ ਦੱਸਿਆ ਹੈ? ਕਹਿੰਦਾ, ਤੁਸੀਂ ੭ਵੇਂ ਹੋ। ੬ ਨੂੰ ਪਹਿਲੇ ਦੱਸ ਚੁੱਕਾ ਹਾਂ। ਦਾਸ ਨੇ ਮਨ 'ਚ ਕਿਹਾ, ੮੦ ਪੈਸੇ ਨਹੀਂ ਹੁਣ ਤੇ ੧੦ ਪੈਸੇ ਪੱਲਿਓਂ ਵੀ ਗਏ। ਕਈ ਵਾਰੀ ਇੰਝ ਹੀ ਹੁੰਦਾ ਹੈ ਕਿ ਕਮਾਈਆਂ ਤੇ ੧੦੦ ਤੇ ਗਿਆ ਸਵਾ ਸੌ।

(ਚਲਦਾ)
